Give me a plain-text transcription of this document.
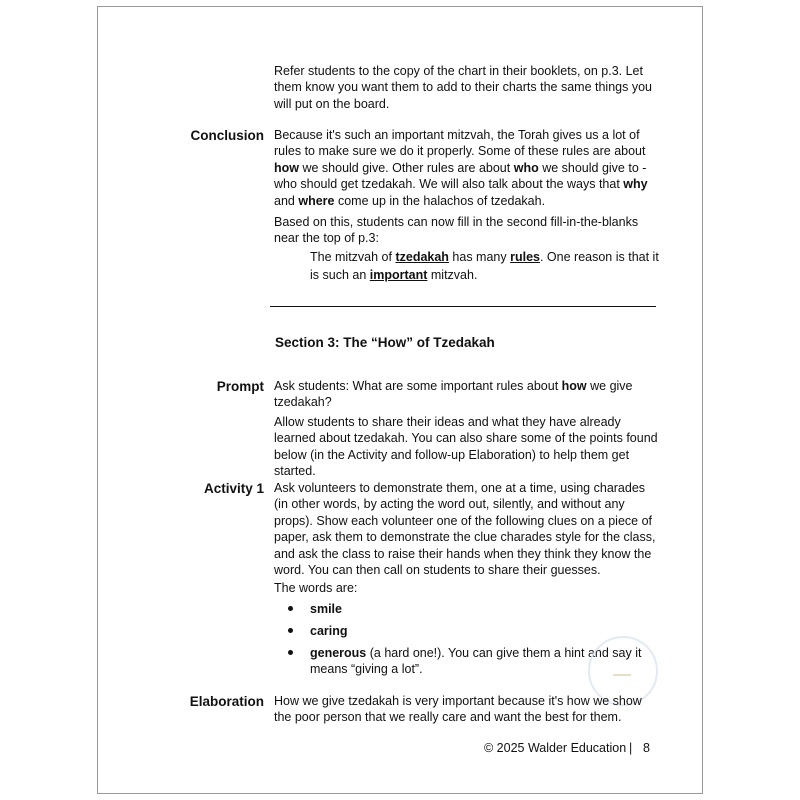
Refer students to the copy of the chart in their booklets, on p.3. Let them know you want them to add to their charts the same things you will put on the board.

Conclusion Because it's such an important mitzvah, the Torah gives us a lot of rules to make sure we do it properly. Some of these rules are about how we should give. Other rules are about who we should give to - who should get tzedakah. We will also talk about the ways that why and where come up in the halachos of tzedakah.

Based on this, students can now fill in the second fill-in-the-blanks near the top of p.3:

The mitzvah of tzedakah has many rules. One reason is that it is such an important mitzvah.

Section 3: The “How” of Tzedakah
Prompt Ask students: What are some important rules about how we give tzedakah?

Allow students to share their ideas and what they have already learned about tzedakah. You can also share some of the points found below (in the Activity and follow-up Elaboration) to help them get started.

Activity 1 Ask volunteers to demonstrate them, one at a time, using charades (in other words, by acting the word out, silently, and without any props). Show each volunteer one of the following clues on a piece of paper, ask them to demonstrate the clue charades style for the class, and ask the class to raise their hands when they think they know the word. You can then call on students to share their guesses.

The words are:

smile
caring
generous (a hard one!). You can give them a hint and say it means “giving a lot”.
Elaboration How we give tzedakah is very important because it's how we show the poor person that we really care and want the best for them.

© 2025 Walder Education | 8
